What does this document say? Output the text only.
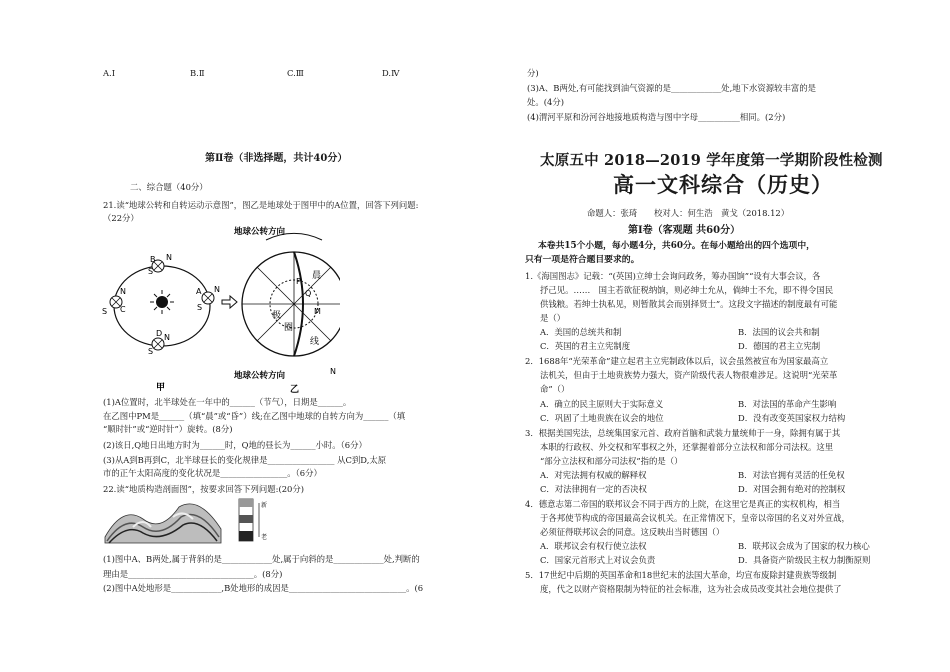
A.Ⅰ	B.Ⅱ	C.Ⅲ	D.Ⅳ
第Ⅱ卷（非选择题，共计40分）
二、综合题（40分）
21.读“地球公转和自转运动示意图”，图乙是地球处于图甲中的A位置，回答下列问题:
（22分）
N
S
B
N
S
A
N
S C
D N
S
甲
地球公转方向
地球公转方向
晨
极
圈
线
Q
P
M
N
乙
(1)A位置时，北半球处在一年中的______（节气），日期是______。
在乙图中PM是______（填“晨”或“昏”）线;在乙图中地球的自转方向为______（填
“顺时针”或“逆时针”）旋转。(8分)
(2)该日,Q地日出地方时为______时，Q地的昼长为______小时。（6分）
(3)从A到B再到C，北半球昼长的变化规律是________________ 从C到D,太原
市的正午太阳高度的变化状况是________________。（6分）
22.读“地质构造剖面图”，按要求回答下列问题:(20分)
新
老
(1)图中A、B两处,属于背斜的是____________处,属于向斜的是____________处,判断的
理由是______________________________。(8分)
(2)图中A处地形是____________,B处地形的成因是____________________________。(6
分)
(3)A、B两处,有可能找到油气资源的是____________处,地下水资源较丰富的是
处。(4分)
(4)渭河平原和汾河谷地接地质构造与图中字母__________相同。(2分)
太原五中 2018—2019 学年度第一学期阶段性检测
高一文科综合（历史）
命题人：张琦　　校对人：何生浩　黄戈（2018.12）
第Ⅰ卷（客观题 共60分）
本卷共15个小题，每小题4分，共60分。在每小题给出的四个选项中，
只有一项是符合题目要求的。
1.《海国图志》记载：“(英国)立绅士会询问政务，筹办国饷”“设有大事会议，各
抒己见。……　国主若欲征税纳饷，则必绅士允从，倘绅士不允，即不得令国民
供钱粮。若绅士执私见，则暂散其会而别择贤士”。这段文字描述的制度最有可能
是（）
A．美国的总统共和制	B．法国的议会共和制
C．英国的君主立宪制度	D．德国的君主立宪制
2．1688年“光荣革命”建立起君主立宪制政体以后，议会虽然被宣布为国家最高立
法机关，但由于土地贵族势力强大，资产阶级代表人物很难涉足。这说明“光荣革
命”（）
A．确立的民主原则大于实际意义	B．对法国的革命产生影响
C．巩固了土地贵族在议会的地位	D．没有改变英国家权力结构
3．根据美国宪法，总统集国家元首、政府首脑和武装力量统帅于一身，除拥有属于其
本职的行政权、外交权和军事权之外，还掌握着部分立法权和部分司法权。这里
“部分立法权和部分司法权”指的是（）
A．对宪法拥有权威的解释权	B．对法官拥有灵活的任免权
C．对法律拥有一定的否决权	D．对国会拥有绝对的控制权
4．德意志第二帝国的联邦议会不同于西方的上院，在这里它是真正的实权机构，相当
于各邦使节构成的帝国最高会议机关。在正常情况下，皇帝以帝国的名义对外宣战，
必须征得联邦议会的同意。这反映出当时德国（）
A．联邦议会有权行使立法权	B．联邦议会成为了国家的权力核心
C．国家元首形式上对议会负责	D．具备资产阶级民主权力制衡原则
5．17世纪中后期的英国革命和18世纪末的法国大革命，均宣布废除封建贵族等级制
度，代之以财产资格限制为特征的社会标准，这为社会成员改变其社会地位提供了
